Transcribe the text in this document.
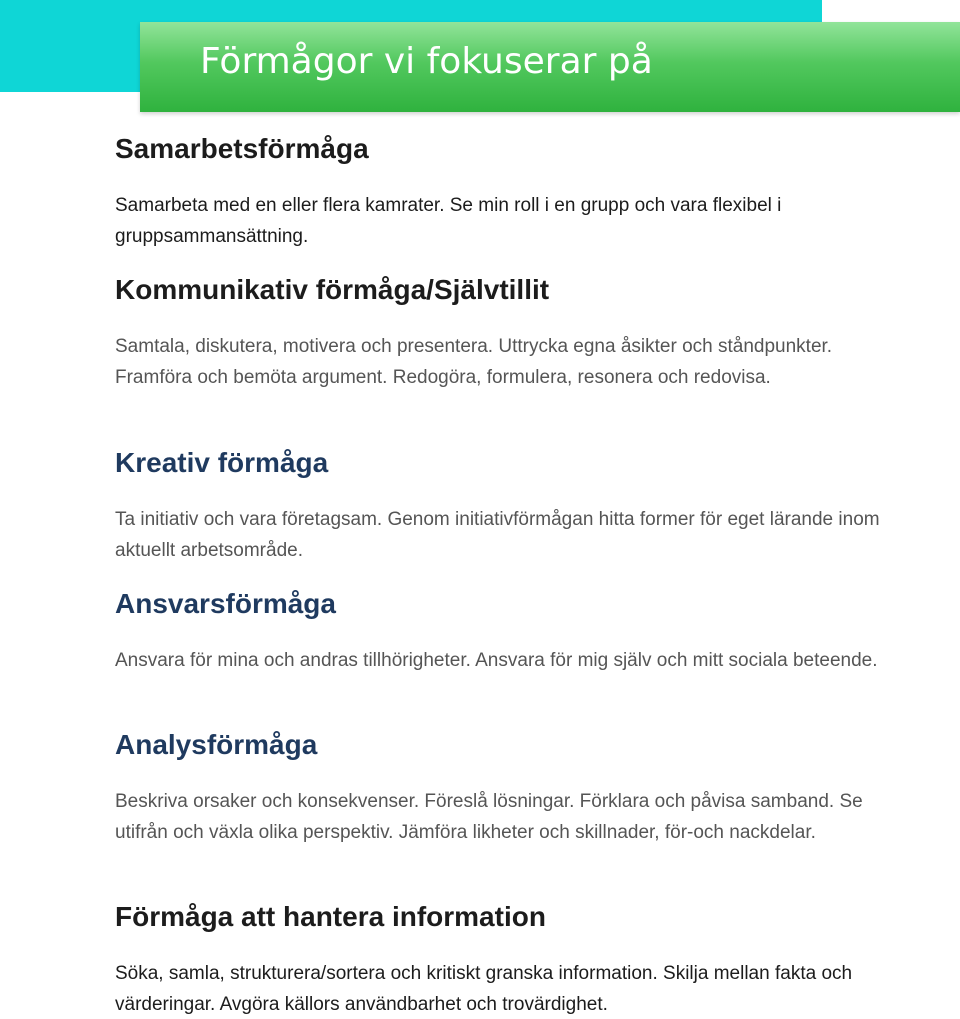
Förmågor vi fokuserar på
Samarbetsförmåga

Samarbeta med en eller flera kamrater. Se min roll i en grupp och vara flexibel i gruppsammansättning.

Kommunikativ förmåga/Självtillit

Samtala, diskutera, motivera och presentera. Uttrycka egna åsikter och ståndpunkter. Framföra och bemöta argument. Redogöra, formulera, resonera och redovisa.

Kreativ förmåga

Ta initiativ och vara företagsam. Genom initiativförmågan hitta former för eget lärande inom aktuellt arbetsområde.

Ansvarsförmåga

Ansvara för mina och andras tillhörigheter. Ansvara för mig själv och mitt sociala beteende.

Analysförmåga

Beskriva orsaker och konsekvenser. Föreslå lösningar. Förklara och påvisa samband. Se utifrån och växla olika perspektiv. Jämföra likheter och skillnader, för-och nackdelar.

Förmåga att hantera information

Söka, samla, strukturera/sortera och kritiskt granska information. Skilja mellan fakta och värderingar. Avgöra källors användbarhet och trovärdighet.
